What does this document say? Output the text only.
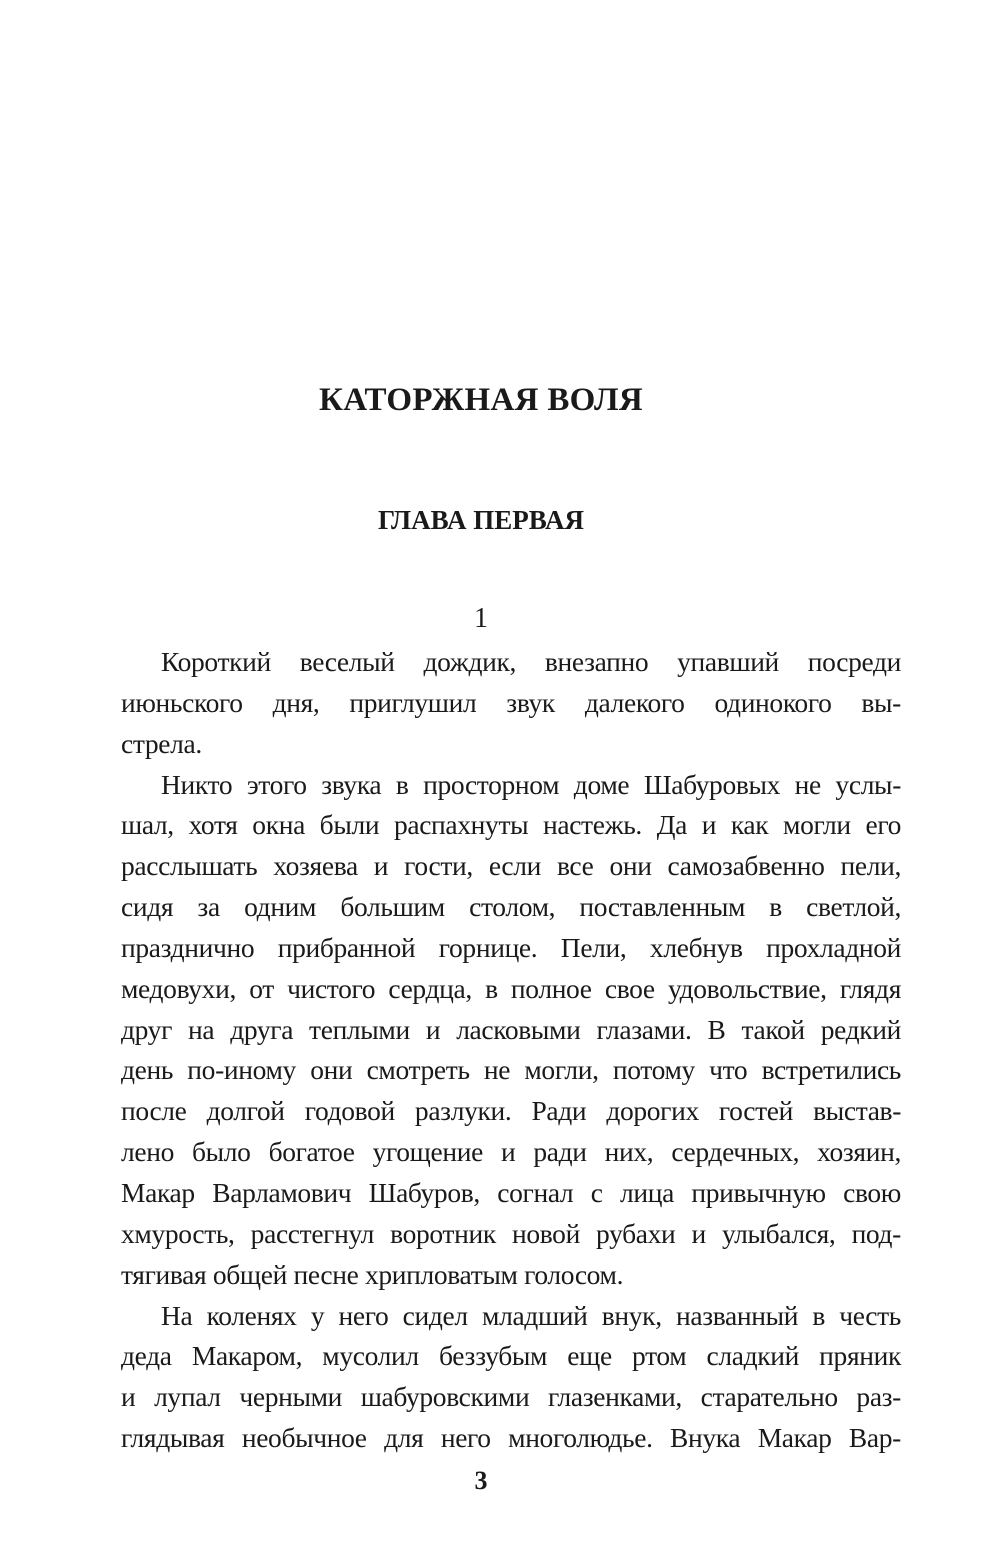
КАТОРЖНАЯ ВОЛЯ
ГЛАВА ПЕРВАЯ
1
Короткий веселый дождик, внезапно упавший посреди
июньского дня, приглушил звук далекого одинокого вы-
стрела.
Никто этого звука в просторном доме Шабуровых не услы-
шал, хотя окна были распахнуты настежь. Да и как могли его
расслышать хозяева и гости, если все они самозабвенно пели,
сидя за одним большим столом, поставленным в светлой,
празднично прибранной горнице. Пели, хлебнув прохладной
медовухи, от чистого сердца, в полное свое удовольствие, глядя
друг на друга теплыми и ласковыми глазами. В такой редкий
день по-иному они смотреть не могли, потому что встретились
после долгой годовой разлуки. Ради дорогих гостей выстав-
лено было богатое угощение и ради них, сердечных, хозяин,
Макар Варламович Шабуров, согнал с лица привычную свою
хмурость, расстегнул воротник новой рубахи и улыбался, под-
тягивая общей песне хрипловатым голосом.
На коленях у него сидел младший внук, названный в честь
деда Макаром, мусолил беззубым еще ртом сладкий пряник
и лупал черными шабуровскими глазенками, старательно раз-
глядывая необычное для него многолюдье. Внука Макар Вар-
3
